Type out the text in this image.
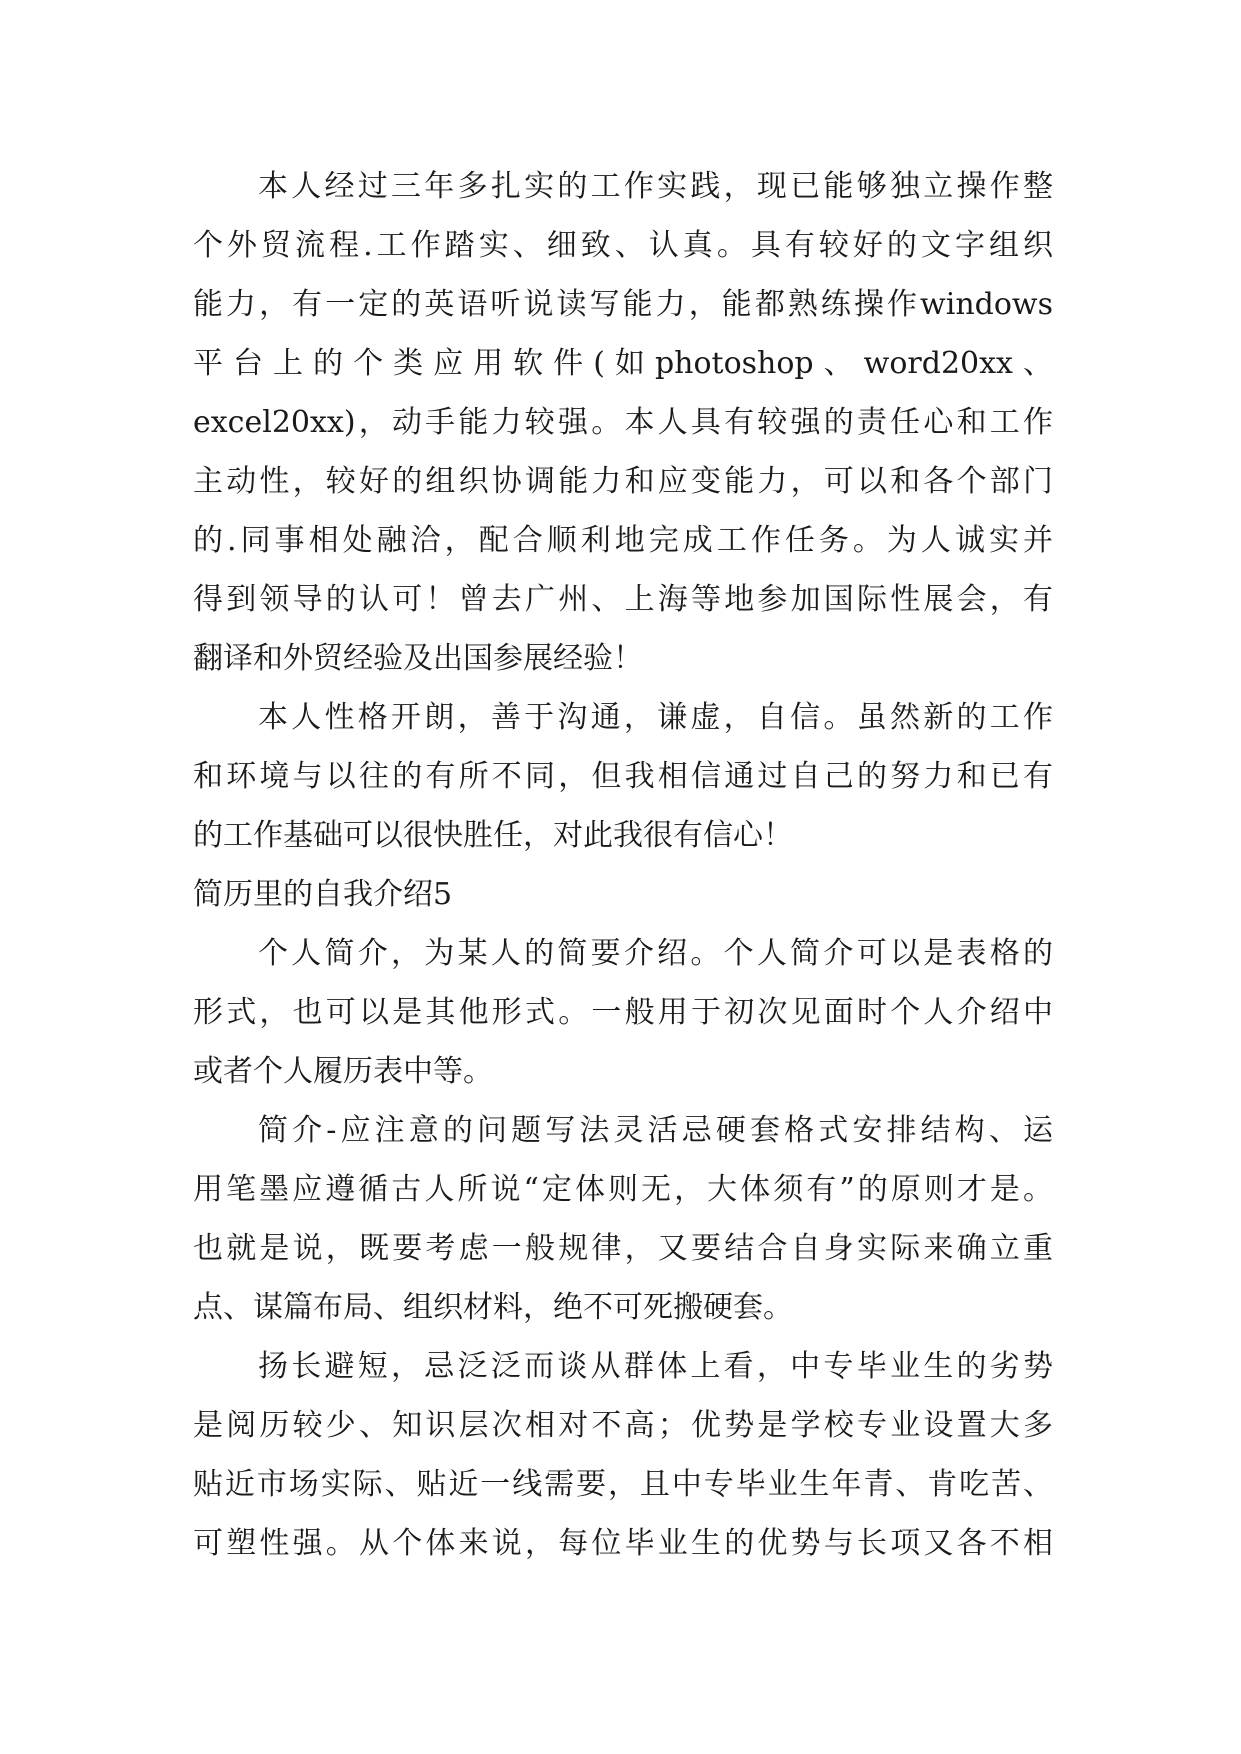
本人经过三年多扎实的工作实践，现已能够独立操作整
个外贸流程.工作踏实、细致、认真。具有较好的文字组织
能力，有一定的英语听说读写能力，能都熟练操作windows
平台上的个类应用软件(如photoshop、word20xx、
excel20xx)，动手能力较强。本人具有较强的责任心和工作
主动性，较好的组织协调能力和应变能力，可以和各个部门
的.同事相处融洽，配合顺利地完成工作任务。为人诚实并
得到领导的认可！曾去广州、上海等地参加国际性展会，有
翻译和外贸经验及出国参展经验！
本人性格开朗，善于沟通，谦虚，自信。虽然新的工作
和环境与以往的有所不同，但我相信通过自己的努力和已有
的工作基础可以很快胜任，对此我很有信心！
简历里的自我介绍5
个人简介，为某人的简要介绍。个人简介可以是表格的
形式，也可以是其他形式。一般用于初次见面时个人介绍中
或者个人履历表中等。
简介-应注意的问题写法灵活忌硬套格式安排结构、运
用笔墨应遵循古人所说“定体则无，大体须有”的原则才是。
也就是说，既要考虑一般规律，又要结合自身实际来确立重
点、谋篇布局、组织材料，绝不可死搬硬套。
扬长避短，忌泛泛而谈从群体上看，中专毕业生的劣势
是阅历较少、知识层次相对不高；优势是学校专业设置大多
贴近市场实际、贴近一线需要，且中专毕业生年青、肯吃苦、
可塑性强。从个体来说，每位毕业生的优势与长项又各不相
